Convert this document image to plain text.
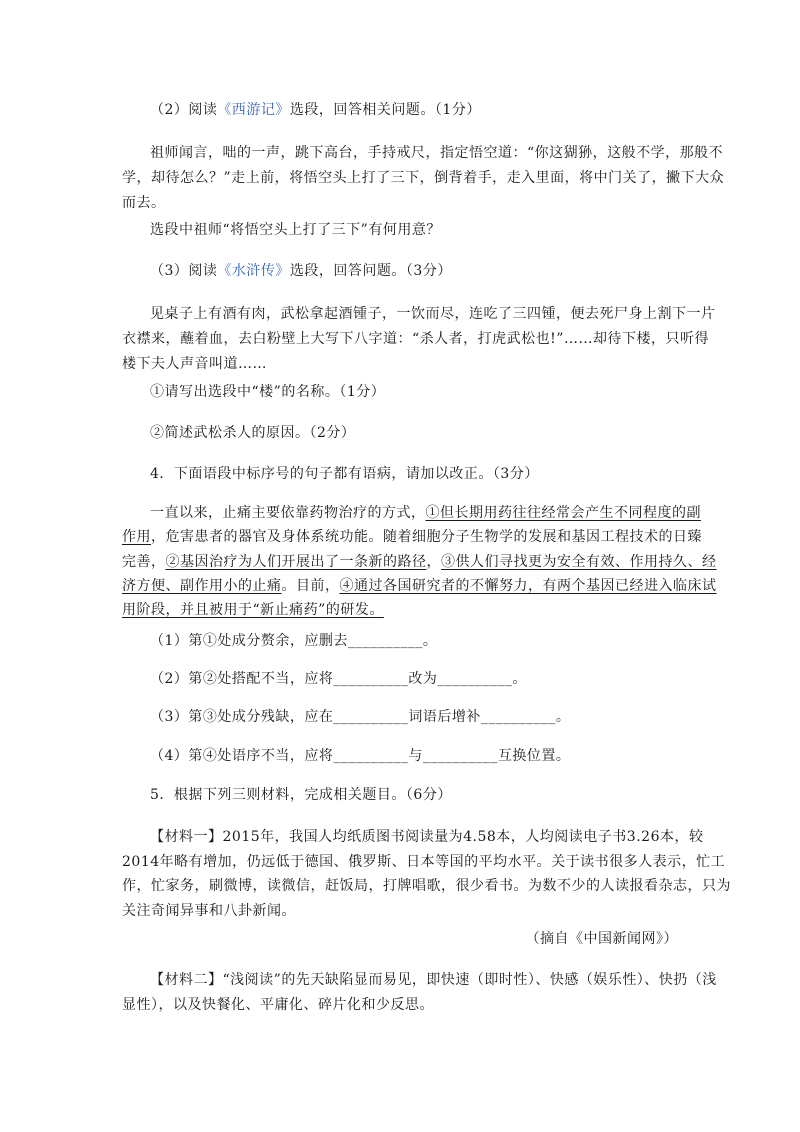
（2）阅读《西游记》选段，回答相关问题。（1分）
祖师闻言，咄的一声，跳下高台，手持戒尺，指定悟空道：“你这猢狲，这般不学，那般不
学，却待怎么？”走上前，将悟空头上打了三下，倒背着手，走入里面，将中门关了，撇下大众
而去。
选段中祖师“将悟空头上打了三下”有何用意？
（3）阅读《水浒传》选段，回答问题。（3分）
见桌子上有酒有肉，武松拿起酒锺子，一饮而尽，连吃了三四锺，便去死尸身上割下一片
衣襟来，蘸着血，去白粉壁上大写下八字道：“杀人者，打虎武松也!”……却待下楼，只听得
楼下夫人声音叫道……
①请写出选段中“楼”的名称。（1分）
②简述武松杀人的原因。（2分）
4．下面语段中标序号的句子都有语病，请加以改正。（3分）
一直以来，止痛主要依靠药物治疗的方式，①但长期用药往往经常会产生不同程度的副
作用，危害患者的器官及身体系统功能。随着细胞分子生物学的发展和基因工程技术的日臻
完善，②基因治疗为人们开展出了一条新的路径，③供人们寻找更为安全有效、作用持久、经
济方便、副作用小的止痛。目前，④通过各国研究者的不懈努力，有两个基因已经进入临床试
用阶段，并且被用于“新止痛药”的研发。
（1）第①处成分赘余，应删去__________。
（2）第②处搭配不当，应将__________改为__________。
（3）第③处成分残缺，应在__________词语后增补__________。
（4）第④处语序不当，应将__________与__________互换位置。
5．根据下列三则材料，完成相关题目。（6分）
【材料一】2015年，我国人均纸质图书阅读量为4.58本，人均阅读电子书3.26本，较
2014年略有增加，仍远低于德国、俄罗斯、日本等国的平均水平。关于读书很多人表示，忙工
作，忙家务，刷微博，读微信，赶饭局，打牌唱歌，很少看书。为数不少的人读报看杂志，只为
关注奇闻异事和八卦新闻。
（摘自《中国新闻网》）
【材料二】“浅阅读”的先天缺陷显而易见，即快速（即时性）、快感（娱乐性）、快扔（浅
显性），以及快餐化、平庸化、碎片化和少反思。
